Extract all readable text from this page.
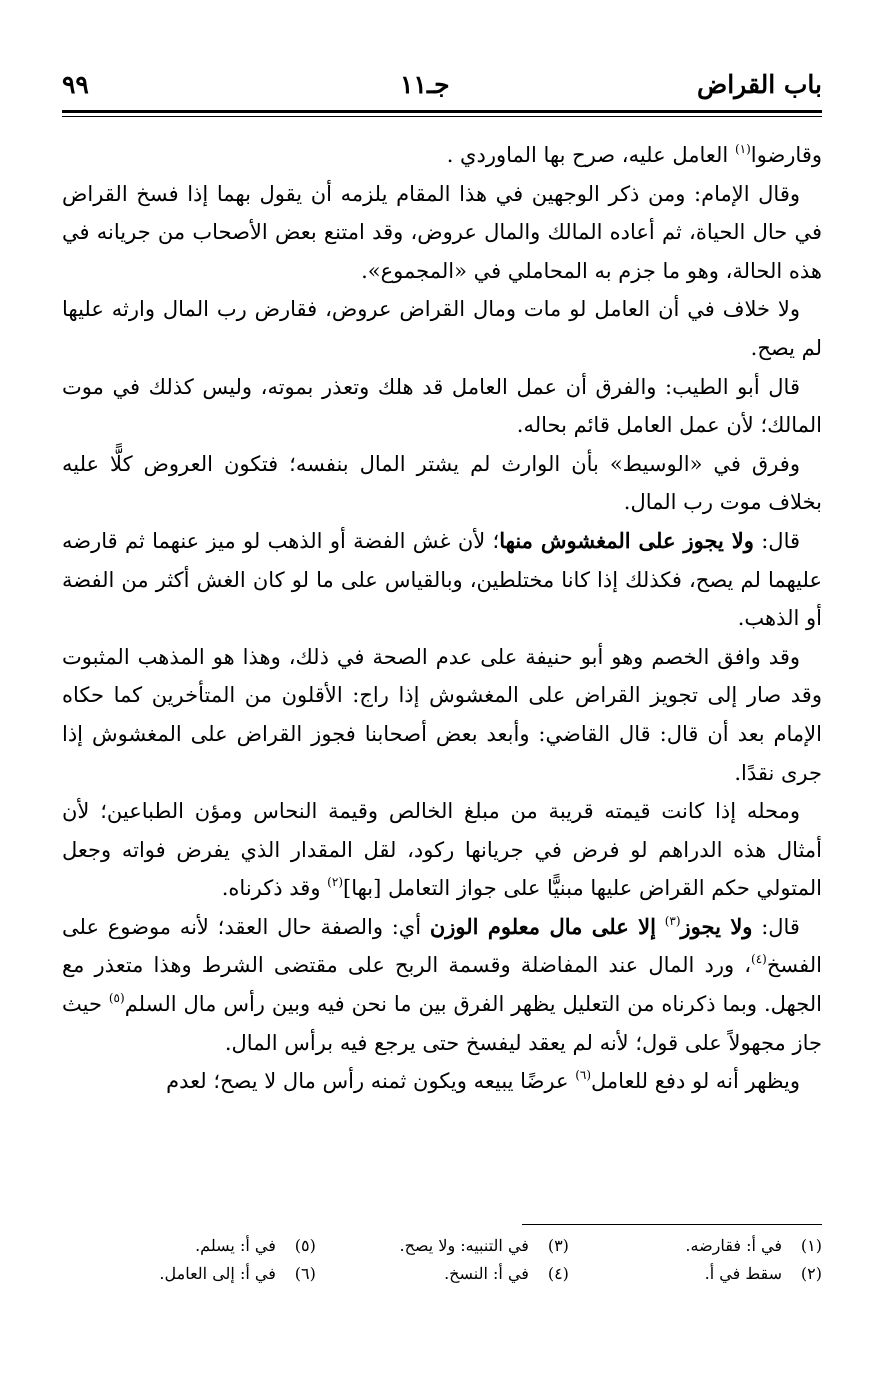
باب القراض
جـ١١
٩٩

وقارضوا$^{(١)}$ العامل عليه، صرح بها الماوردي .

وقال الإمام: ومن ذكر الوجهين في هذا المقام يلزمه أن يقول بهما إذا فسخ القراض في حال الحياة، ثم أعاده المالك والمال عروض، وقد امتنع بعض الأصحاب من جريانه في هذه الحالة، وهو ما جزم به المحاملي في «المجموع».

ولا خلاف في أن العامل لو مات ومال القراض عروض، فقارض رب المال وارثه عليها لم يصح.

قال أبو الطيب: والفرق أن عمل العامل قد هلك وتعذر بموته، وليس كذلك في موت المالك؛ لأن عمل العامل قائم بحاله.

وفرق في «الوسيط» بأن الوارث لم يشتر المال بنفسه؛ فتكون العروض كلًّا عليه بخلاف موت رب المال.

قال: ولا يجوز على المغشوش منها؛ لأن غش الفضة أو الذهب لو ميز عنهما ثم قارضه عليهما لم يصح، فكذلك إذا كانا مختلطين، وبالقياس على ما لو كان الغش أكثر من الفضة أو الذهب.

وقد وافق الخصم وهو أبو حنيفة على عدم الصحة في ذلك، وهذا هو المذهب المثبوت وقد صار إلى تجويز القراض على المغشوش إذا راج: الأقلون من المتأخرين كما حكاه الإمام بعد أن قال: قال القاضي: وأبعد بعض أصحابنا فجوز القراض على المغشوش إذا جرى نقدًا.

ومحله إذا كانت قيمته قريبة من مبلغ الخالص وقيمة النحاس ومؤن الطباعين؛ لأن أمثال هذه الدراهم لو فرض في جريانها ركود، لقل المقدار الذي يفرض فواته وجعل المتولي حكم القراض عليها مبنيًّا على جواز التعامل [بها]$^{(٢)}$ وقد ذكرناه.

قال: ولا يجوز$^{(٣)}$ إلا على مال معلوم الوزن أي: والصفة حال العقد؛ لأنه موضوع على الفسخ$^{(٤)}$، ورد المال عند المفاضلة وقسمة الربح على مقتضى الشرط وهذا متعذر مع الجهل. وبما ذكرناه من التعليل يظهر الفرق بين ما نحن فيه وبين رأس مال السلم$^{(٥)}$ حيث جاز مجهولاً على قول؛ لأنه لم يعقد ليفسخ حتى يرجع فيه برأس المال.

ويظهر أنه لو دفع للعامل$^{(٦)}$ عرضًا يبيعه ويكون ثمنه رأس مال لا يصح؛ لعدم

(١)
في أ: فقارضه.
(٣)
في التنبيه: ولا يصح.
(٥)
في أ: يسلم.
(٢)
سقط في أ.
(٤)
في أ: النسخ.
(٦)
في أ: إلى العامل.
